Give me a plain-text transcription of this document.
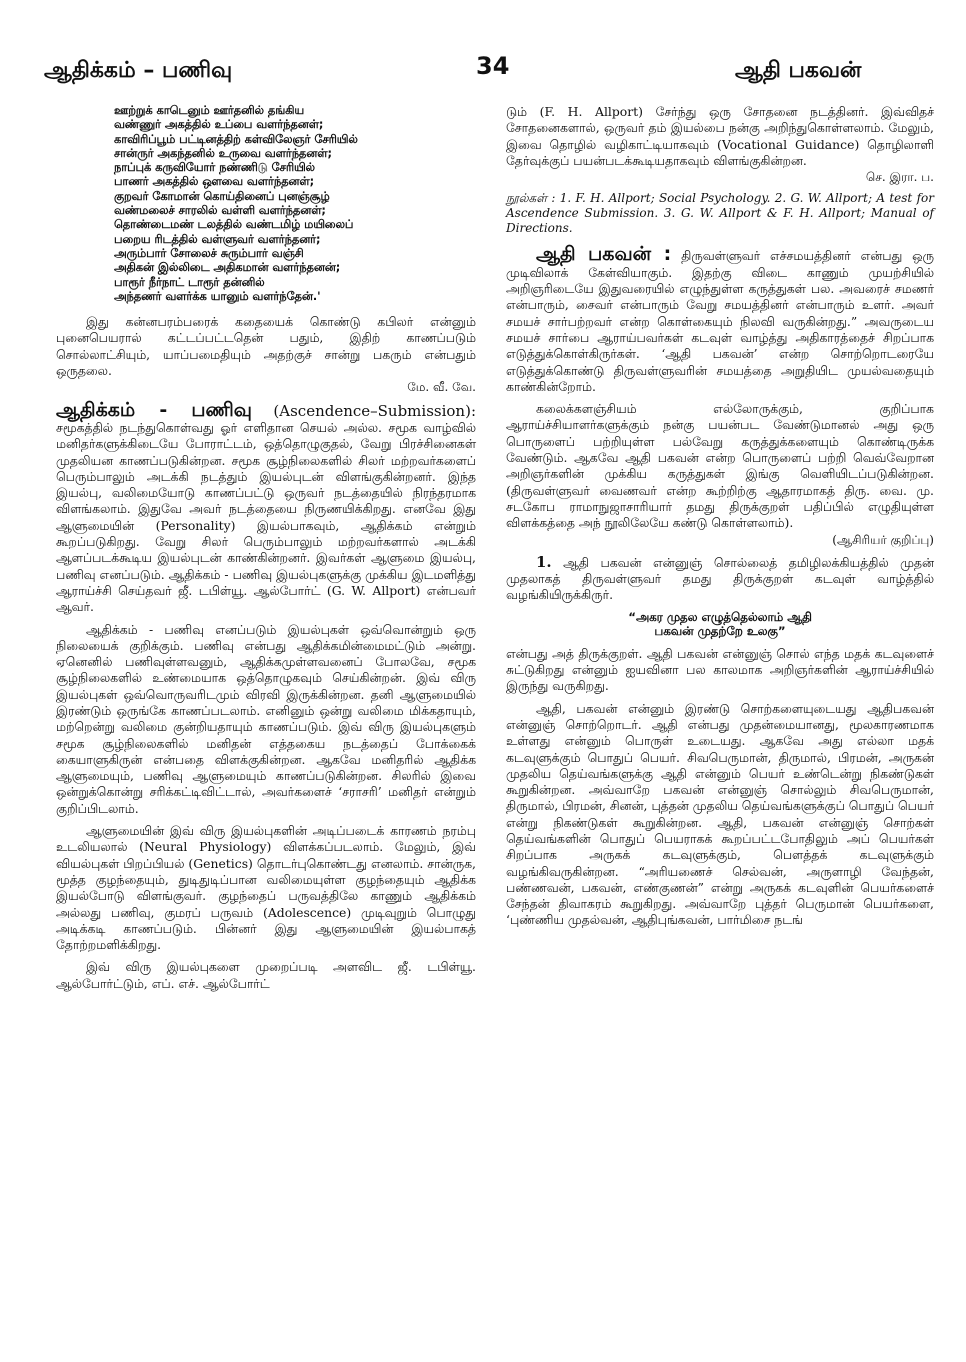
ஆதிக்கம் – பணிவு	34	ஆதி பகவன்
ஊற்றுக் காடெனும் ஊர்தனில் தங்கிய
வண்ணுர் அகத்தில் உப்பை வளர்ந்தனள்;
காவிரிப்பூம் பட்டினத்திற் கள்விலேஞர் சேரியில்
சான்ருர் அகந்தனில் உருவை வளர்ந்தனள்;
நாப்புக் கருவியோர் நண்ணிடு சேரியில்
பாணர் அகத்தில் ஔவை வளர்ந்தனள்;
குறவர் கோமான் கொய்தினைப் புனஞ்சூழ்
வண்மலைச் சாரலில் வள்ளி வளர்ந்தனள்;
தொண்டைமண் டலத்தில் வண்டமிழ் மயிலைப்
பறைய ரிடத்தில் வள்ளுவர் வளர்ந்தனர்;
அரும்பார் சோலைச் சுரும்பார் வஞ்சி
அதிகன் இல்லிடை அதிகமான் வளர்ந்தனன்;
பாரூர் நீர்நாட் டாரூர் தன்னில்
அந்தணர் வளர்க்க யானும் வளர்ந்தேன்.'

இது கன்னபரம்பரைக் கதையைக் கொண்டு கபிலர் என்னும் புனைபெயரால் கட்டப்பட்டதென் பதும், இதிற் காணப்படும் சொல்லாட்சியும், யாப்பமைதியும் அதற்குச் சான்று பகரும் என்பதும் ஒருதலை.
மே. வீ. வே.

ஆதிக்கம் - பணிவு (Ascendence–Submission): சமூகத்தில் நடந்துகொள்வது ஓர் எளிதான செயல் அல்ல. சமூக வாழ்வில் மனிதர்களுக்கிடையே போராட்டம், ஒத்தொழுகுதல், வேறு பிரச்சினைகள் முதலியன காணப்படுகின்றன. சமூக சூழ்நிலைகளில் சிலர் மற்றவர்களைப் பெரும்பாலும் அடக்கி நடத்தும் இயல்புடன் விளங்குகின்றனர். இந்த இயல்பு, வலிமையோடு காணப்பட்டு ஒருவர் நடத்தையில் நிரந்தரமாக விளங்கலாம். இதுவே அவர் நடத்தையை நிருணயிக்கிறது. எனவே இது ஆளுமையின் (Personality) இயல்பாகவும், ஆதிக்கம் என்றும் கூறப்படுகிறது. வேறு சிலர் பெரும்பாலும் மற்றவர்களால் அடக்கி ஆளப்படக்கூடிய இயல்புடன் காண்கின்றனர். இவர்கள் ஆளுமை இயல்பு, பணிவு எனப்படும். ஆதிக்கம் - பணிவு இயல்புகளுக்கு முக்கிய இடமளித்து ஆராய்ச்சி செய்தவர் ஜீ. டபிள்யூ. ஆல்போர்ட் (G. W. Allport) என்பவர் ஆவர்.

ஆதிக்கம் - பணிவு எனப்படும் இயல்புகள் ஒவ்வொன்றும் ஒரு நிலையைக் குறிக்கும். பணிவு என்பது ஆதிக்கமின்மைமட்டும் அன்று. ஏனெனில் பணிவுள்ளவனும், ஆதிக்கமுள்ளவனைப் போலவே, சமூக சூழ்நிலைகளில் உண்மையாக ஒத்தொழுகவும் செய்கின்றன். இவ் விரு இயல்புகள் ஒவ்வொருவரிடமும் விரவி இருக்கின்றன. தனி ஆளுமையில் இரண்டும் ஒருங்கே காணப்படலாம். எனினும் ஒன்று வலிமை மிக்கதாயும், மற்றென்று வலிமை குன்றியதாயும் காணப்படும். இவ் விரு இயல்புகளும் சமூக சூழ்நிலைகளில் மனிதன் எத்தகைய நடத்தைப் போக்கைக் கையாளுகிருன் என்பதை விளக்குகின்றன. ஆகவே மனிதரில் ஆதிக்க ஆளுமையும், பணிவு ஆளுமையும் காணப்படுகின்றன. சிலரில் இவை ஒன்றுக்கொன்று சரிக்கட்டிவிட்டால், அவர்களைச் ‘சராசரி’ மனிதர் என்றும் குறிப்பிடலாம்.

ஆளுமையின் இவ் விரு இயல்புகளின் அடிப்படைக் காரணம் நரம்பு உடலியலால் (Neural Physiology) விளக்கப்படலாம். மேலும், இவ் வியல்புகள் பிறப்பியல் (Genetics) தொடர்புகொண்டது எனலாம். சான்ருக, மூத்த குழந்தையும், துடிதுடிப்பான வலிமையுள்ள குழந்தையும் ஆதிக்க இயல்போடு விளங்குவர். குழந்தைப் பருவத்திலே காணும் ஆதிக்கம் அல்லது பணிவு, குமரப் பருவம் (Adolescence) முடிவுறும் பொழுது அடிக்கடி காணப்படும். பின்னர் இது ஆளுமையின் இயல்பாகத் தோற்றமளிக்கிறது.

இவ் விரு இயல்புகளை முறைப்படி அளவிட ஜீ. டபிள்யூ. ஆல்போர்ட்டும், எப். எச். ஆல்போர்ட்

டும் (F. H. Allport) சேர்ந்து ஒரு சோதனை நடத்தினர். இவ்விதச் சோதனைகளால், ஒருவர் தம் இயல்பை நன்கு அறிந்துகொள்ளலாம். மேலும், இவை தொழில் வழிகாட்டியாகவும் (Vocational Guidance) தொழிலாளி தேர்வுக்குப் பயன்படக்கூடியதாகவும் விளங்குகின்றன.
செ. இரா. ப.

நூல்கள் : 1. F. H. Allport; Social Psychology. 2. G. W. Allport; A test for Ascendence Submission. 3. G. W. Allport & F. H. Allport; Manual of Directions.

ஆதி பகவன் : திருவள்ளுவர் எச்சமயத்தினர் என்பது ஒரு முடிவிலாக் கேள்வியாகும். இதற்கு விடை காணும் முயற்சியில் அறிஞரிடையே இதுவரையில் எழுந்துள்ள கருத்துகள் பல. அவரைச் சமணர் என்பாரும், சைவர் என்பாரும் வேறு சமயத்தினர் என்பாரும் உளர். அவர் சமயச் சார்பற்றவர் என்ற கொள்கையும் நிலவி வருகின்றது.” அவருடைய சமயச் சார்பை ஆராய்பவர்கள் கடவுள் வாழ்த்து அதிகாரத்தைச் சிறப்பாக எடுத்துக்கொள்கிருர்கள். ‘ஆதி பகவன்’ என்ற சொற்றொடரையே எடுத்துக்கொண்டு திருவள்ளுவரின் சமயத்தை அறுதியிட முயல்வதையும் காண்கின்றோம்.

கலைக்களஞ்சியம் எல்லோருக்கும், குறிப்பாக ஆராய்ச்சியாளர்களுக்கும் நன்கு பயன்பட வேண்டுமானல் அது ஒரு பொருளைப் பற்றியுள்ள பல்வேறு கருத்துக்களையும் கொண்டிருக்க வேண்டும். ஆகவே ஆதி பகவன் என்ற பொருளைப் பற்றி வெவ்வேறான அறிஞர்களின் முக்கிய கருத்துகள் இங்கு வெளியிடப்படுகின்றன. (திருவள்ளுவர் வைணவர் என்ற கூற்றிற்கு ஆதாரமாகத் திரு. வை. மு. சடகோப ராமாநுஜாசாரியார் தமது திருக்குறள் பதிப்பில் எழுதியுள்ள விளக்கத்தை அந் நூலிலேயே கண்டு கொள்ளலாம்).
(ஆசிரியர் குறிப்பு)

1. ஆதி பகவன் என்னுஞ் சொல்லைத் தமிழிலக்கியத்தில் முதன் முதலாகத் திருவள்ளுவர் தமது திருக்குறள் கடவுள் வாழ்த்தில் வழங்கியிருக்கிருர்.

“அகர முதல எழுத்தெல்லாம் ஆதி
பகவன் முதற்றே உலகு”

என்பது அத் திருக்குறள். ஆதி பகவன் என்னுஞ் சொல் எந்த மதக் கடவுளைச் சுட்டுகிறது என்னும் ஐயவினா பல காலமாக அறிஞர்களின் ஆராய்ச்சியில் இருந்து வருகிறது.

ஆதி, பகவன் என்னும் இரண்டு சொற்களையுடையது ஆதிபகவன் என்னுஞ் சொற்றொடர். ஆதி என்பது முதன்மையானது, மூலகாரணமாக உள்ளது என்னும் பொருள் உடையது. ஆகவே அது எல்லா மதக் கடவுளுக்கும் பொதுப் பெயர். சிவபெருமான், திருமால், பிரமன், அருகன் முதலிய தெய்வங்களுக்கு ஆதி என்னும் பெயர் உண்டென்று நிகண்டுகள் கூறுகின்றன. அவ்வாறே பகவன் என்னுஞ் சொல்லும் சிவபெருமான், திருமால், பிரமன், சினன், புத்தன் முதலிய தெய்வங்களுக்குப் பொதுப் பெயர் என்று நிகண்டுகள் கூறுகின்றன. ஆதி, பகவன் என்னுஞ் சொற்கள் தெய்வங்களின் பொதுப் பெயராகக் கூறப்பட்டபோதிலும் அப் பெயர்கள் சிறப்பாக அருகக் கடவுளுக்கும், பௌத்தக் கடவுளுக்கும் வழங்கிவருகின்றன. “அரியணைச் செல்வன், அருளாழி வேந்தன், பண்ணவன், பகவன், எண்குணன்” என்று அருகக் கடவுளின் பெயர்களைச் சேந்தன் திவாகரம் கூறுகிறது. அவ்வாறே புத்தர் பெருமான் பெயர்களை, ‘புண்ணிய முதல்வன், ஆதிபுங்கவன், பார்மிசை நடங்
